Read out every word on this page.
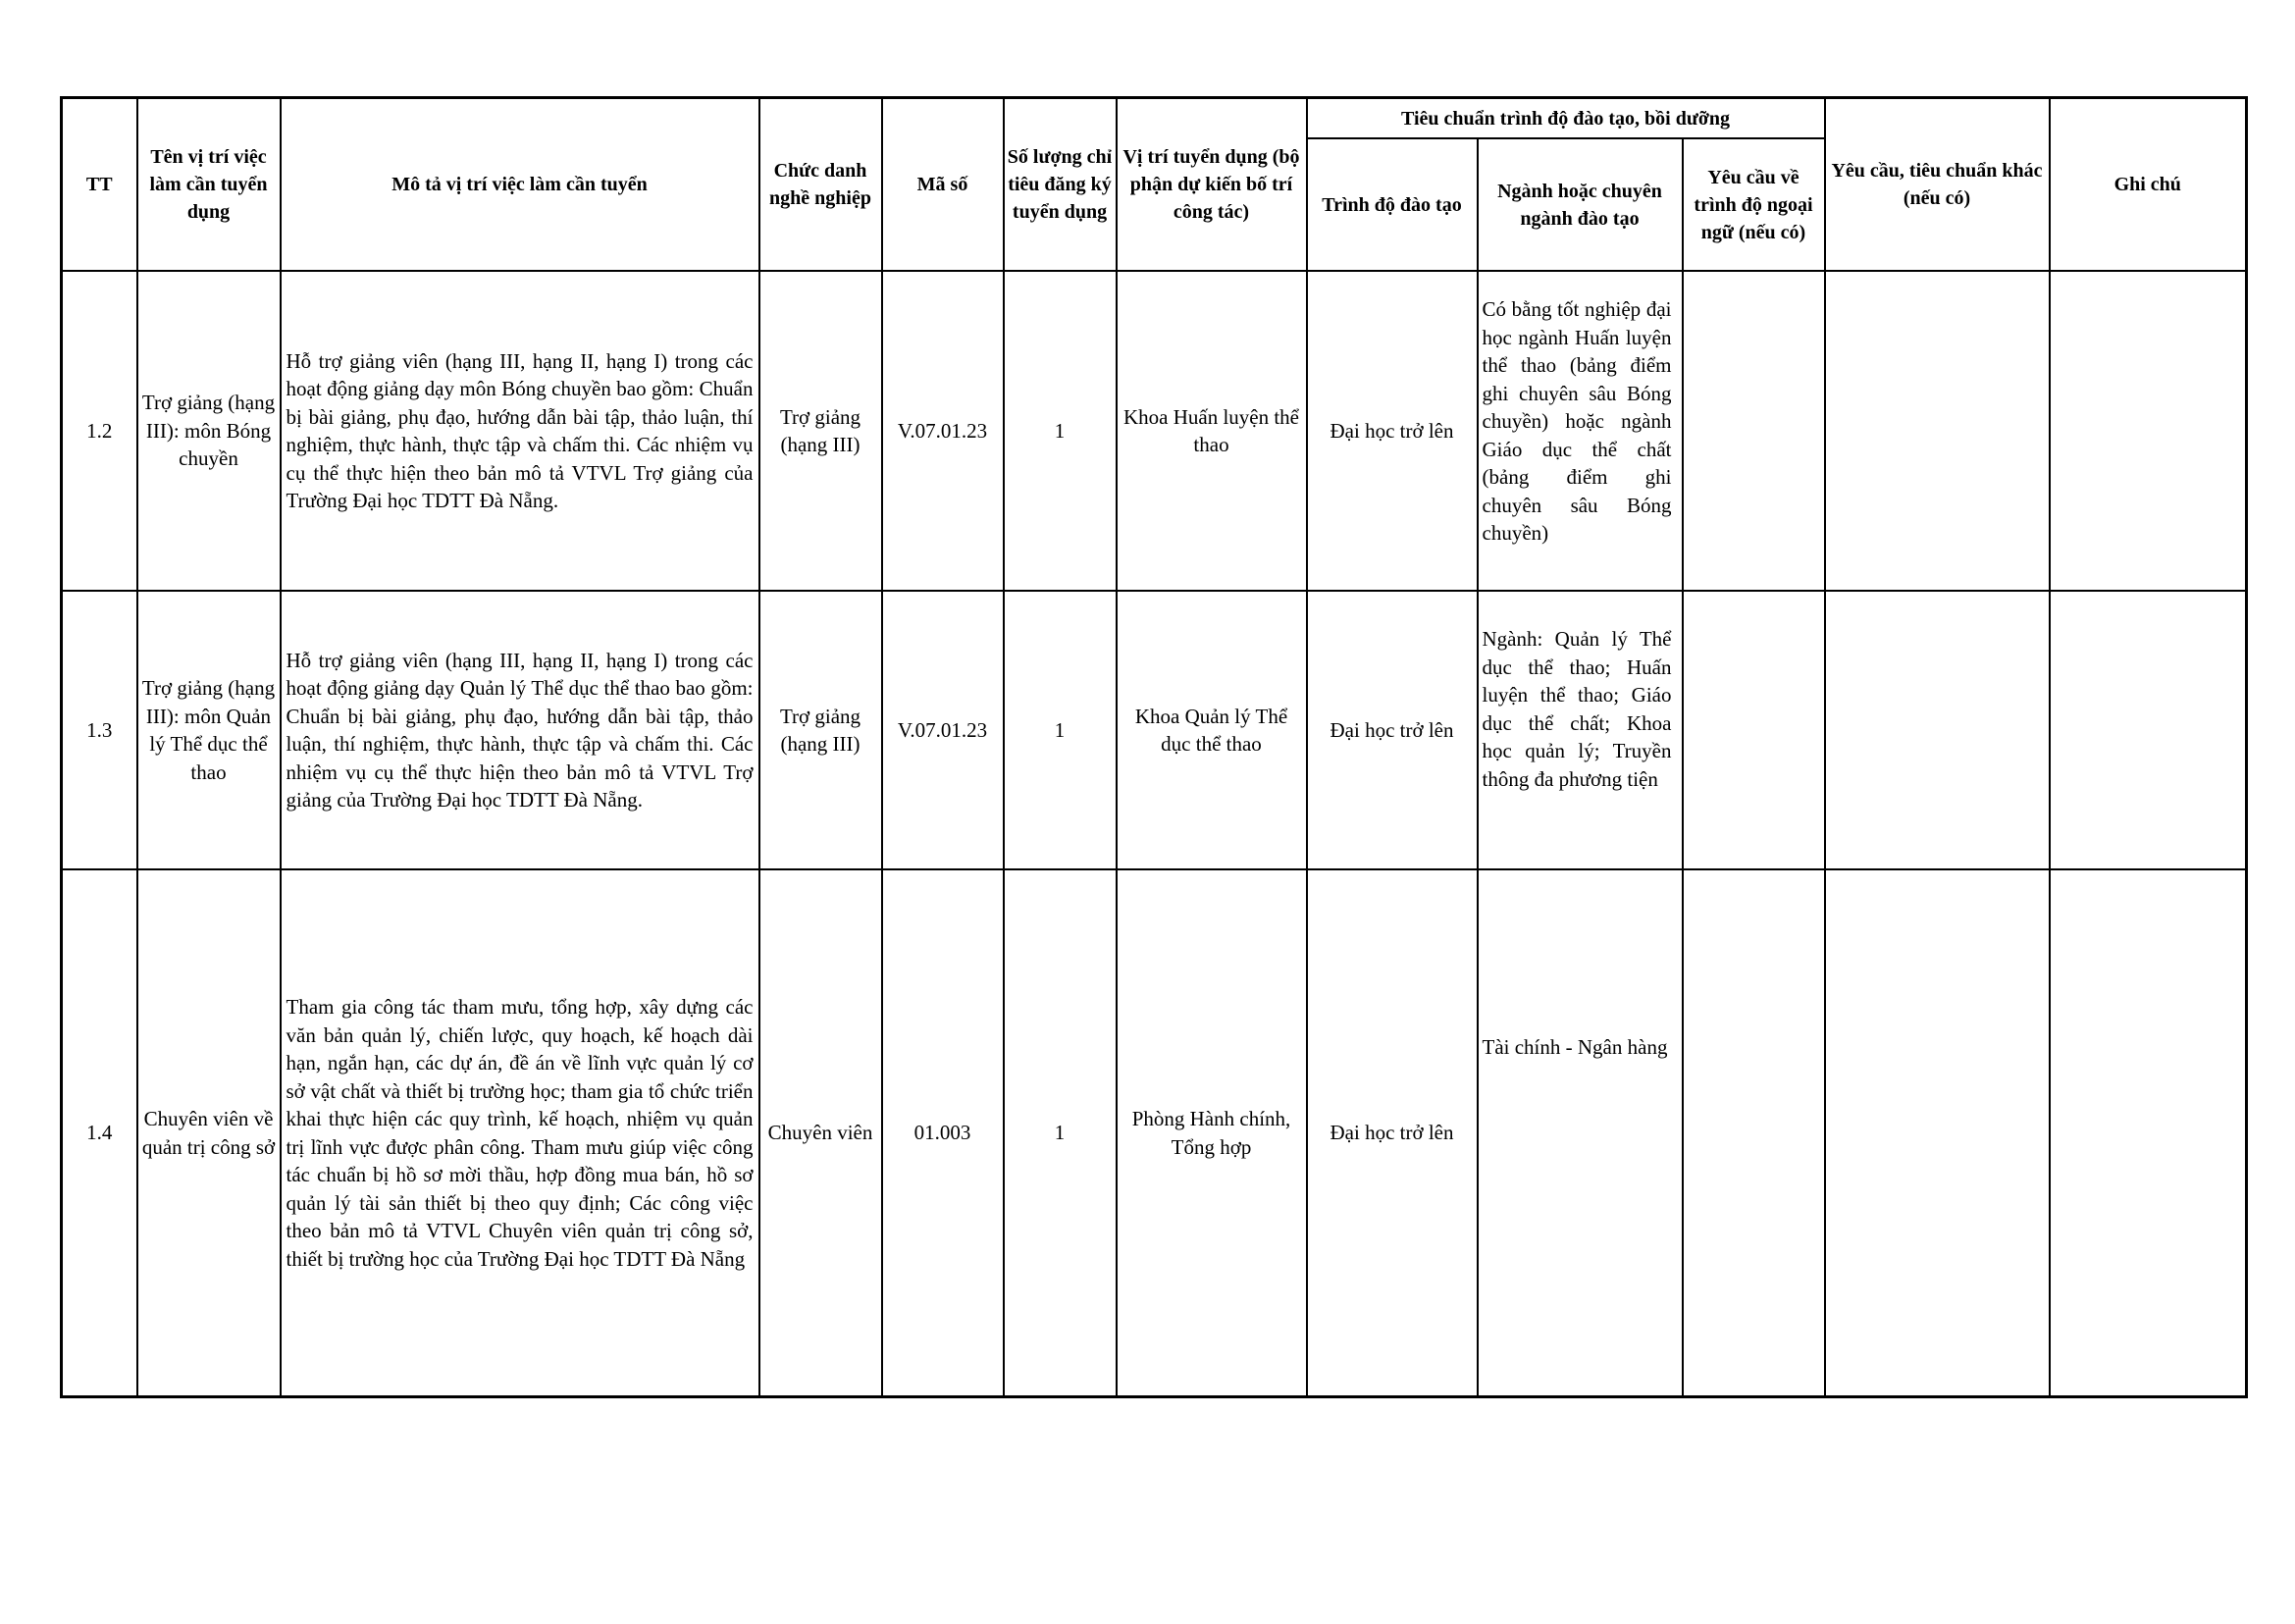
TT	Tên vị trí việc làm cần tuyển dụng	Mô tả vị trí việc làm cần tuyển	Chức danh nghề nghiệp	Mã số	Số lượng chỉ tiêu đăng ký tuyển dụng	Vị trí tuyển dụng (bộ phận dự kiến bố trí công tác)	Tiêu chuẩn trình độ đào tạo, bồi dưỡng			Yêu cầu, tiêu chuẩn khác (nếu có)	Ghi chú
							Trình độ đào tạo	Ngành hoặc chuyên ngành đào tạo	Yêu cầu về trình độ ngoại ngữ (nếu có)		
1.2	Trợ giảng (hạng III): môn Bóng chuyền	Hỗ trợ giảng viên (hạng III, hạng II, hạng I) trong các hoạt động giảng dạy môn Bóng chuyền bao gồm: Chuẩn bị bài giảng, phụ đạo, hướng dẫn bài tập, thảo luận, thí nghiệm, thực hành, thực tập và chấm thi. Các nhiệm vụ cụ thể thực hiện theo bản mô tả VTVL Trợ giảng của Trường Đại học TDTT Đà Nẵng.	Trợ giảng (hạng III)	V.07.01.23	1	Khoa Huấn luyện thể thao	Đại học trở lên	Có bằng tốt nghiệp đại học ngành Huấn luyện thể thao (bảng điểm ghi chuyên sâu Bóng chuyền) hoặc ngành Giáo dục thể chất (bảng điểm ghi chuyên sâu Bóng chuyền)			
1.3	Trợ giảng (hạng III): môn Quản lý Thể dục thể thao	Hỗ trợ giảng viên (hạng III, hạng II, hạng I) trong các hoạt động giảng dạy Quản lý Thể dục thể thao bao gồm: Chuẩn bị bài giảng, phụ đạo, hướng dẫn bài tập, thảo luận, thí nghiệm, thực hành, thực tập và chấm thi. Các nhiệm vụ cụ thể thực hiện theo bản mô tả VTVL Trợ giảng của Trường Đại học TDTT Đà Nẵng.	Trợ giảng (hạng III)	V.07.01.23	1	Khoa Quản lý Thể dục thể thao	Đại học trở lên	Ngành: Quản lý Thể dục thể thao; Huấn luyện thể thao; Giáo dục thể chất; Khoa học quản lý; Truyền thông đa phương tiện			
1.4	Chuyên viên về quản trị công sở	Tham gia công tác tham mưu, tổng hợp, xây dựng các văn bản quản lý, chiến lược, quy hoạch, kế hoạch dài hạn, ngắn hạn, các dự án, đề án về lĩnh vực quản lý cơ sở vật chất và thiết bị trường học; tham gia tổ chức triển khai thực hiện các quy trình, kế hoạch, nhiệm vụ quản trị lĩnh vực được phân công. Tham mưu giúp việc công tác chuẩn bị hồ sơ mời thầu, hợp đồng mua bán, hồ sơ quản lý tài sản thiết bị theo quy định; Các công việc theo bản mô tả VTVL Chuyên viên quản trị công sở, thiết bị trường học của Trường Đại học TDTT Đà Nẵng	Chuyên viên	01.003	1	Phòng Hành chính, Tổng hợp	Đại học trở lên	Tài chính - Ngân hàng			
